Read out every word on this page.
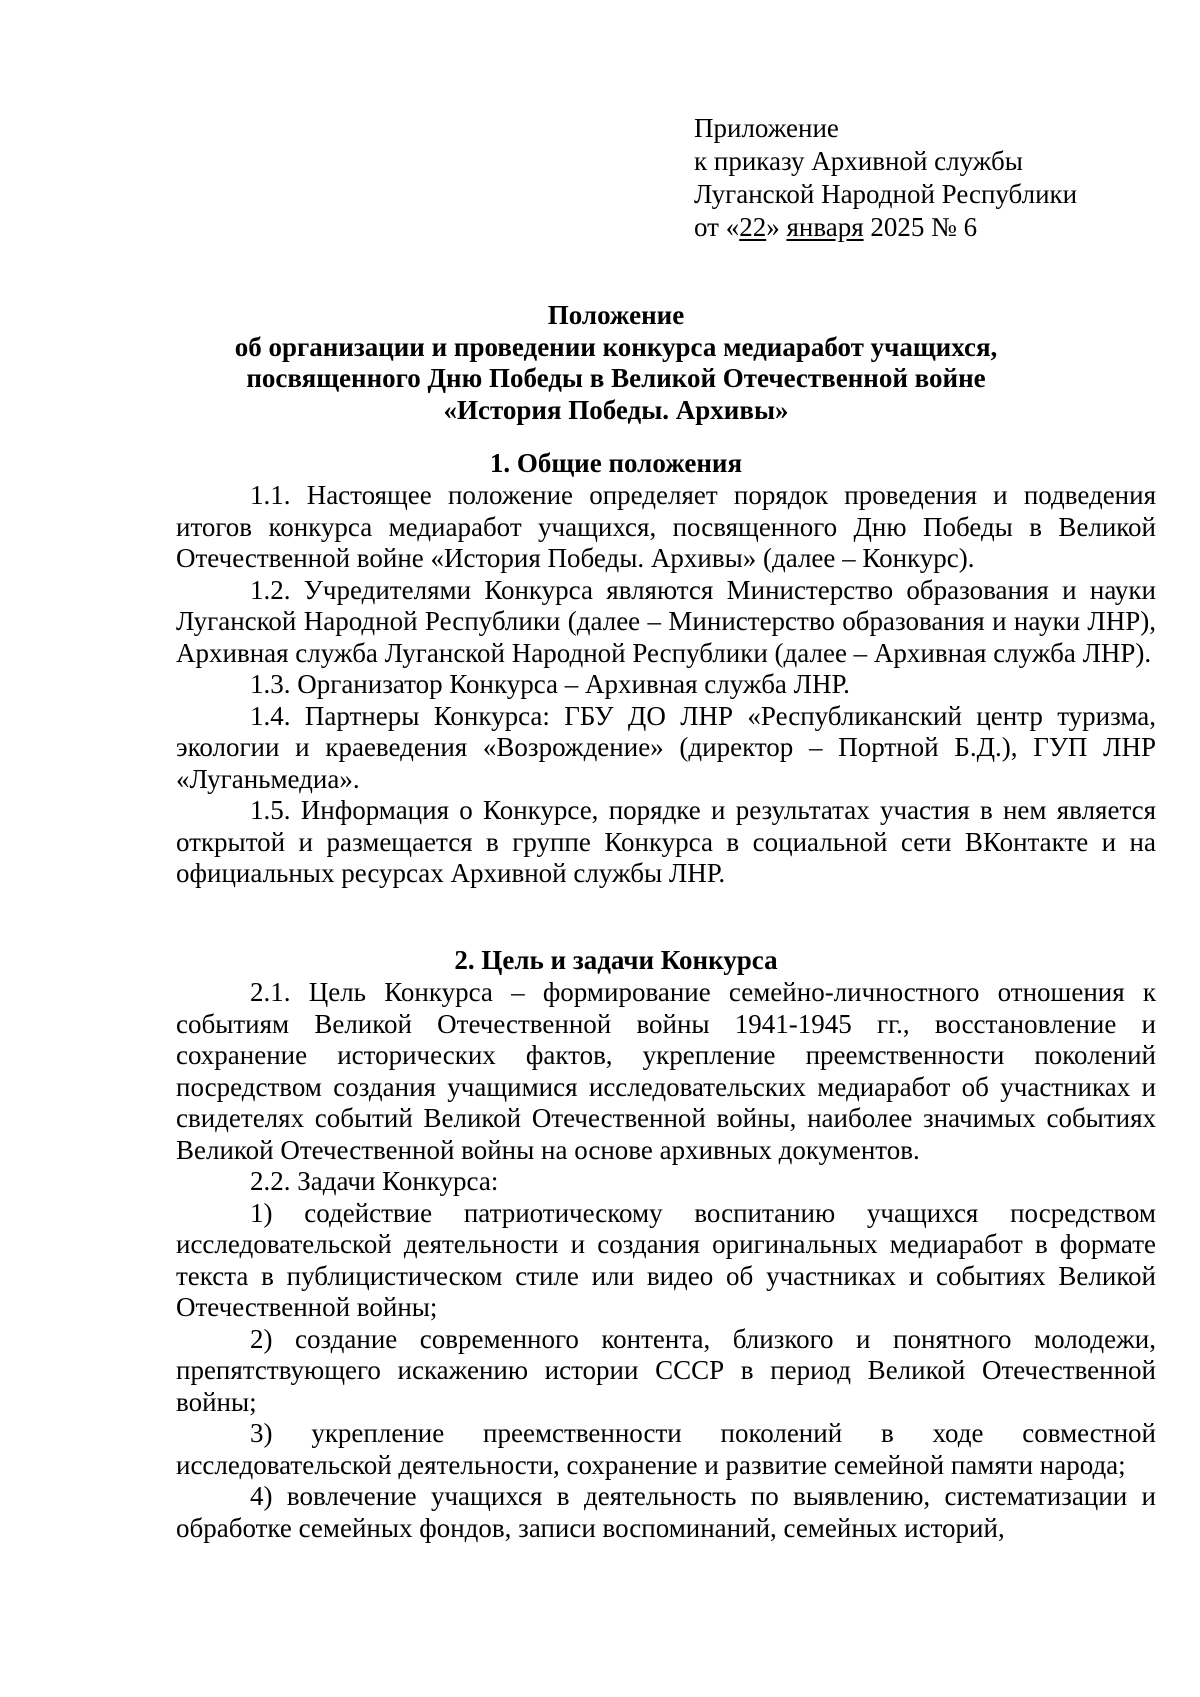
Приложение
к приказу Архивной службы
Луганской Народной Республики
от «22» января 2025 № 6
Положение
об организации и проведении конкурса медиаработ учащихся,
посвященного Дню Победы в Великой Отечественной войне
«История Победы. Архивы»
1. Общие положения

1.1. Настоящее положение определяет порядок проведения и подведения итогов конкурса медиаработ учащихся, посвященного Дню Победы в Великой Отечественной войне «История Победы. Архивы» (далее – Конкурс).

1.2. Учредителями Конкурса являются Министерство образования и науки Луганской Народной Республики (далее – Министерство образования и науки ЛНР), Архивная служба Луганской Народной Республики (далее – Архивная служба ЛНР).

1.3. Организатор Конкурса – Архивная служба ЛНР.

1.4. Партнеры Конкурса: ГБУ ДО ЛНР «Республиканский центр туризма, экологии и краеведения «Возрождение» (директор – Портной Б.Д.), ГУП ЛНР «Луганьмедиа».

1.5. Информация о Конкурсе, порядке и результатах участия в нем является открытой и размещается в группе Конкурса в социальной сети ВКонтакте и на официальных ресурсах Архивной службы ЛНР.

2. Цель и задачи Конкурса

2.1. Цель Конкурса – формирование семейно-личностного отношения к событиям Великой Отечественной войны 1941-1945 гг., восстановление и сохранение исторических фактов, укрепление преемственности поколений посредством создания учащимися исследовательских медиаработ об участниках и свидетелях событий Великой Отечественной войны, наиболее значимых событиях Великой Отечественной войны на основе архивных документов.

2.2. Задачи Конкурса:

1) содействие патриотическому воспитанию учащихся посредством исследовательской деятельности и создания оригинальных медиаработ в формате текста в публицистическом стиле или видео об участниках и событиях Великой Отечественной войны;

2) создание современного контента, близкого и понятного молодежи, препятствующего искажению истории СССР в период Великой Отечественной войны;

3) укрепление преемственности поколений в ходе совместной исследовательской деятельности, сохранение и развитие семейной памяти народа;

4) вовлечение учащихся в деятельность по выявлению, систематизации и обработке семейных фондов, записи воспоминаний, семейных историй,
